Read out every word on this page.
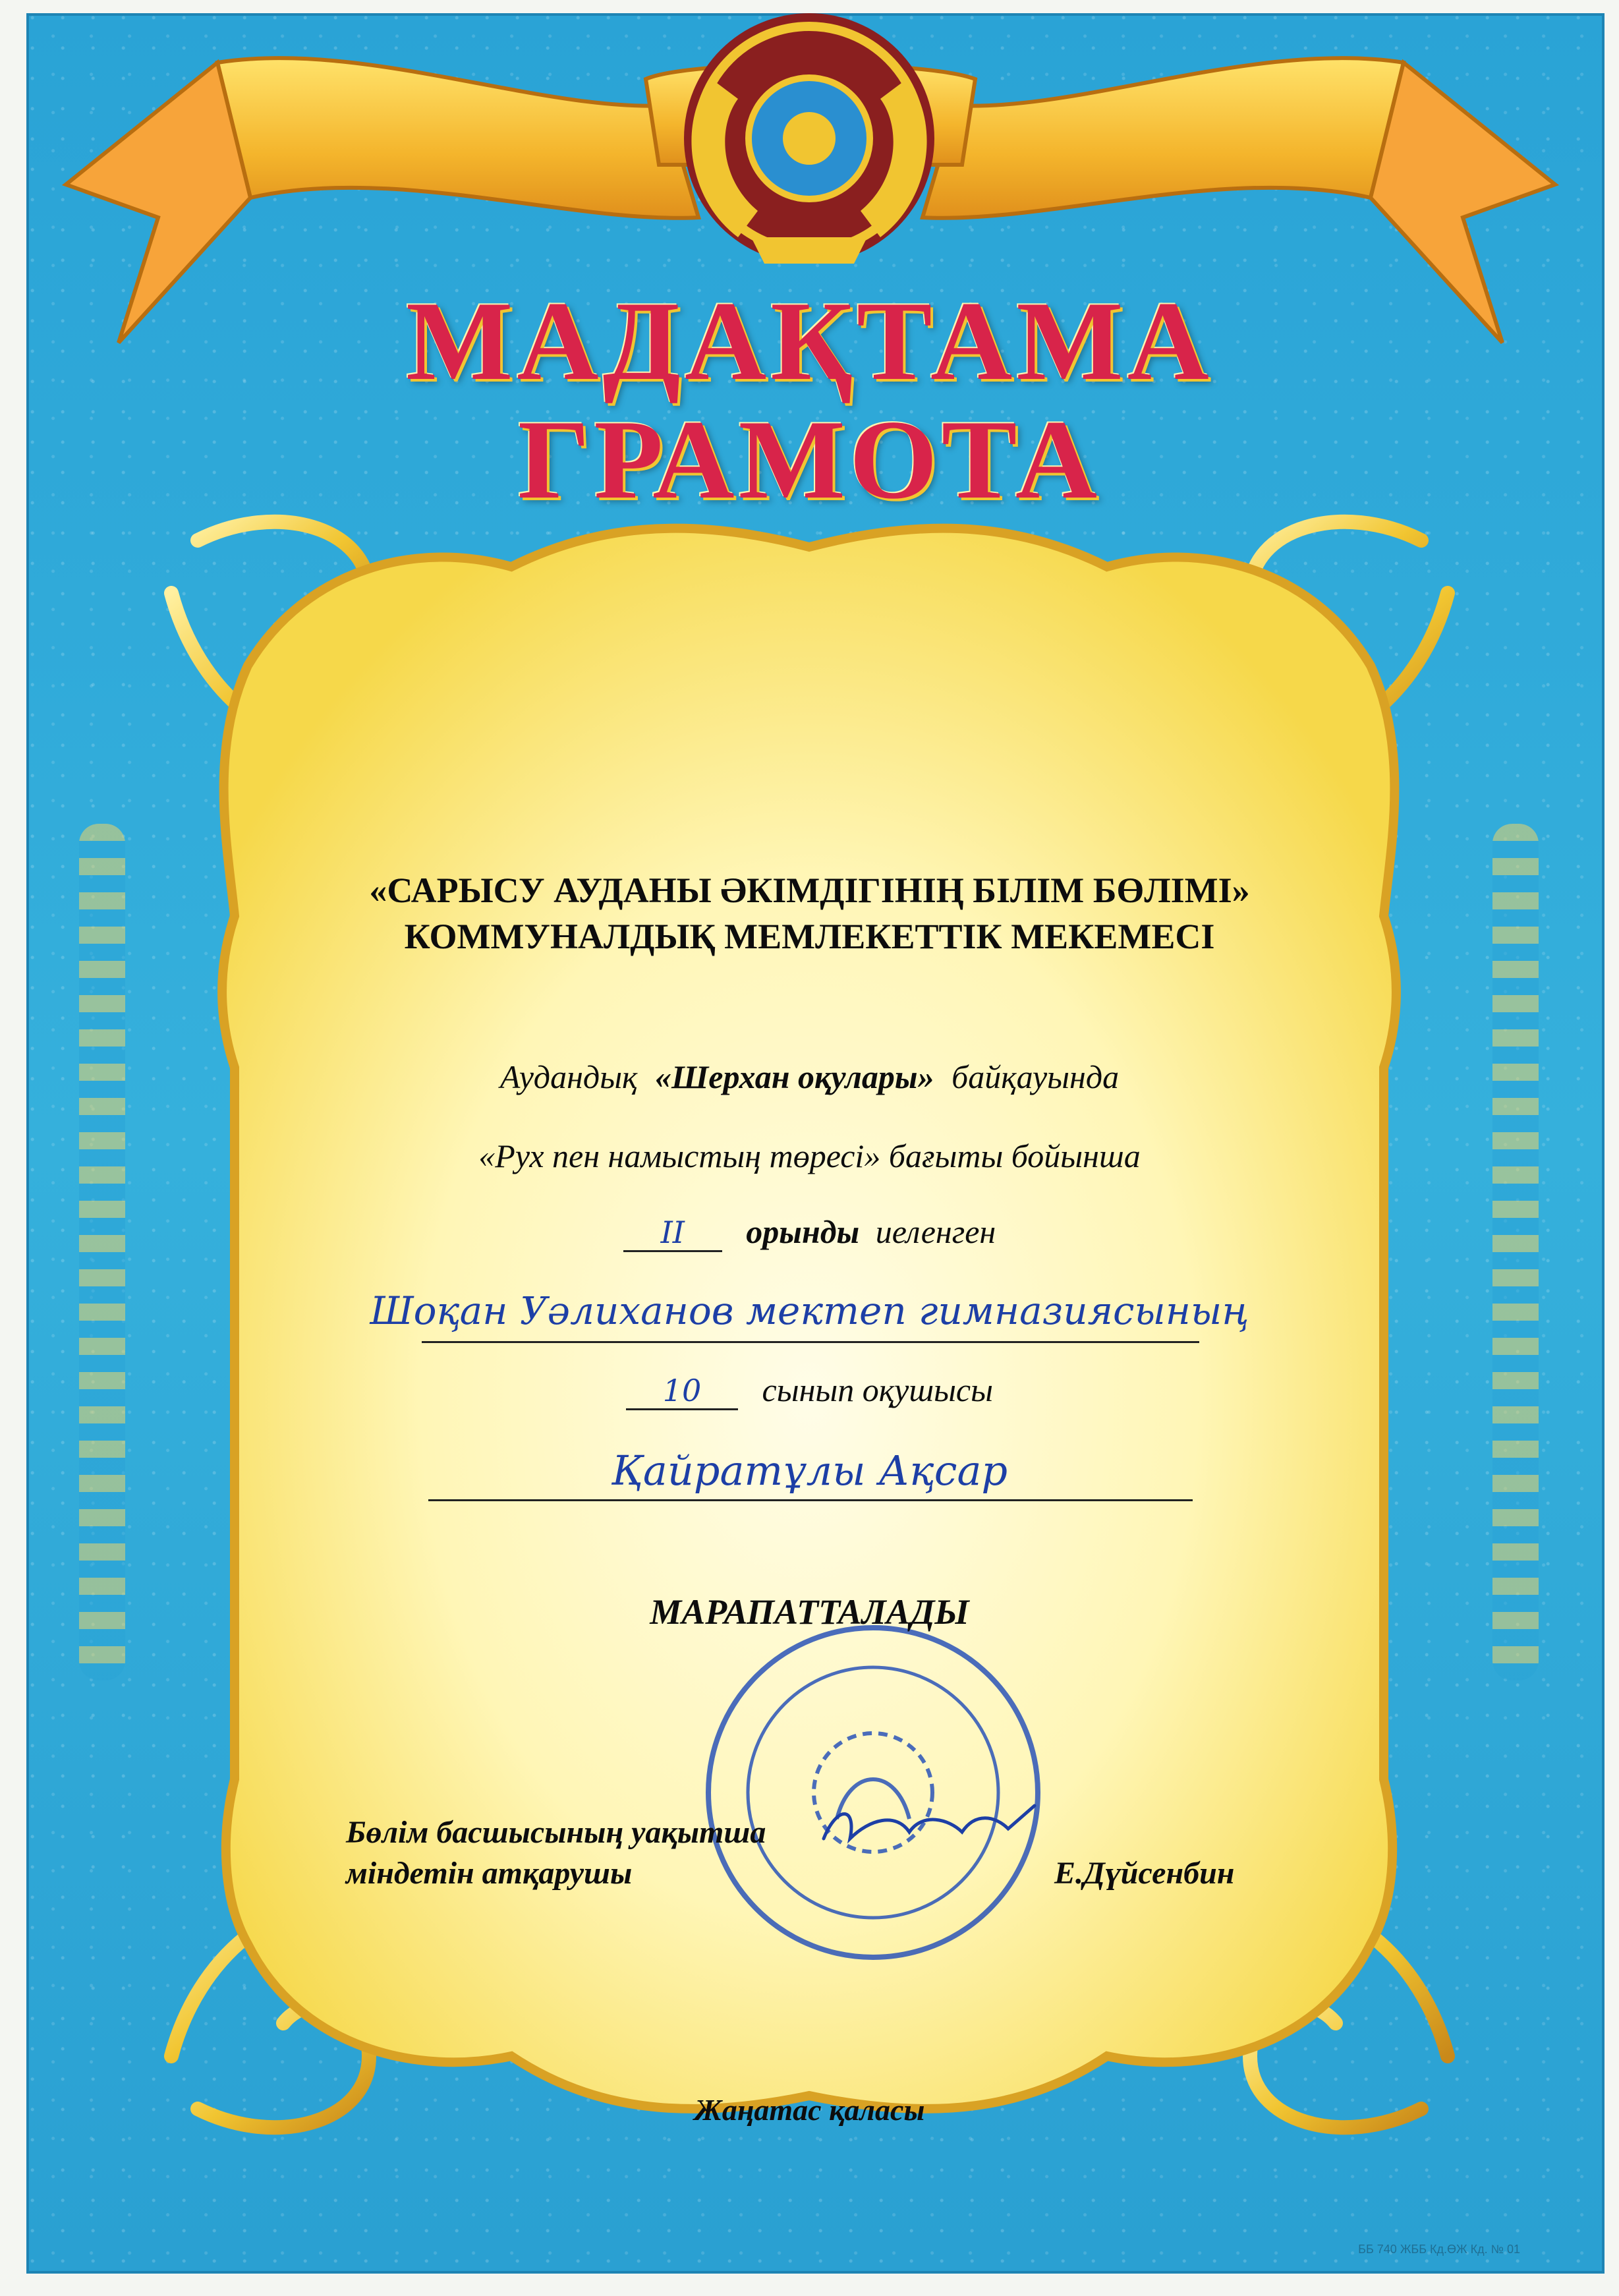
МАДАҚТАМА
ГРАМОТА
«САРЫСУ АУДАНЫ ӘКІМДІГІНІҢ БІЛІМ БӨЛІМІ»
КОММУНАЛДЫҚ МЕМЛЕКЕТТІК МЕКЕМЕСІ
Аудандық «Шерхан оқулары» байқауында
«Рух пен намыстың төресі» бағыты бойынша
II орынды иеленген
Шоқан Уәлиханов мектеп гимназиясының
10 сынып оқушысы
Қайратұлы Ақсар
МАРАПАТТАЛАДЫ
Бөлім басшысының уақытша
міндетін атқарушы	Е.Дүйсенбин
Жаңатас қаласы
ББ 740 ЖББ Кд.ӨЖ Кд. № 01
